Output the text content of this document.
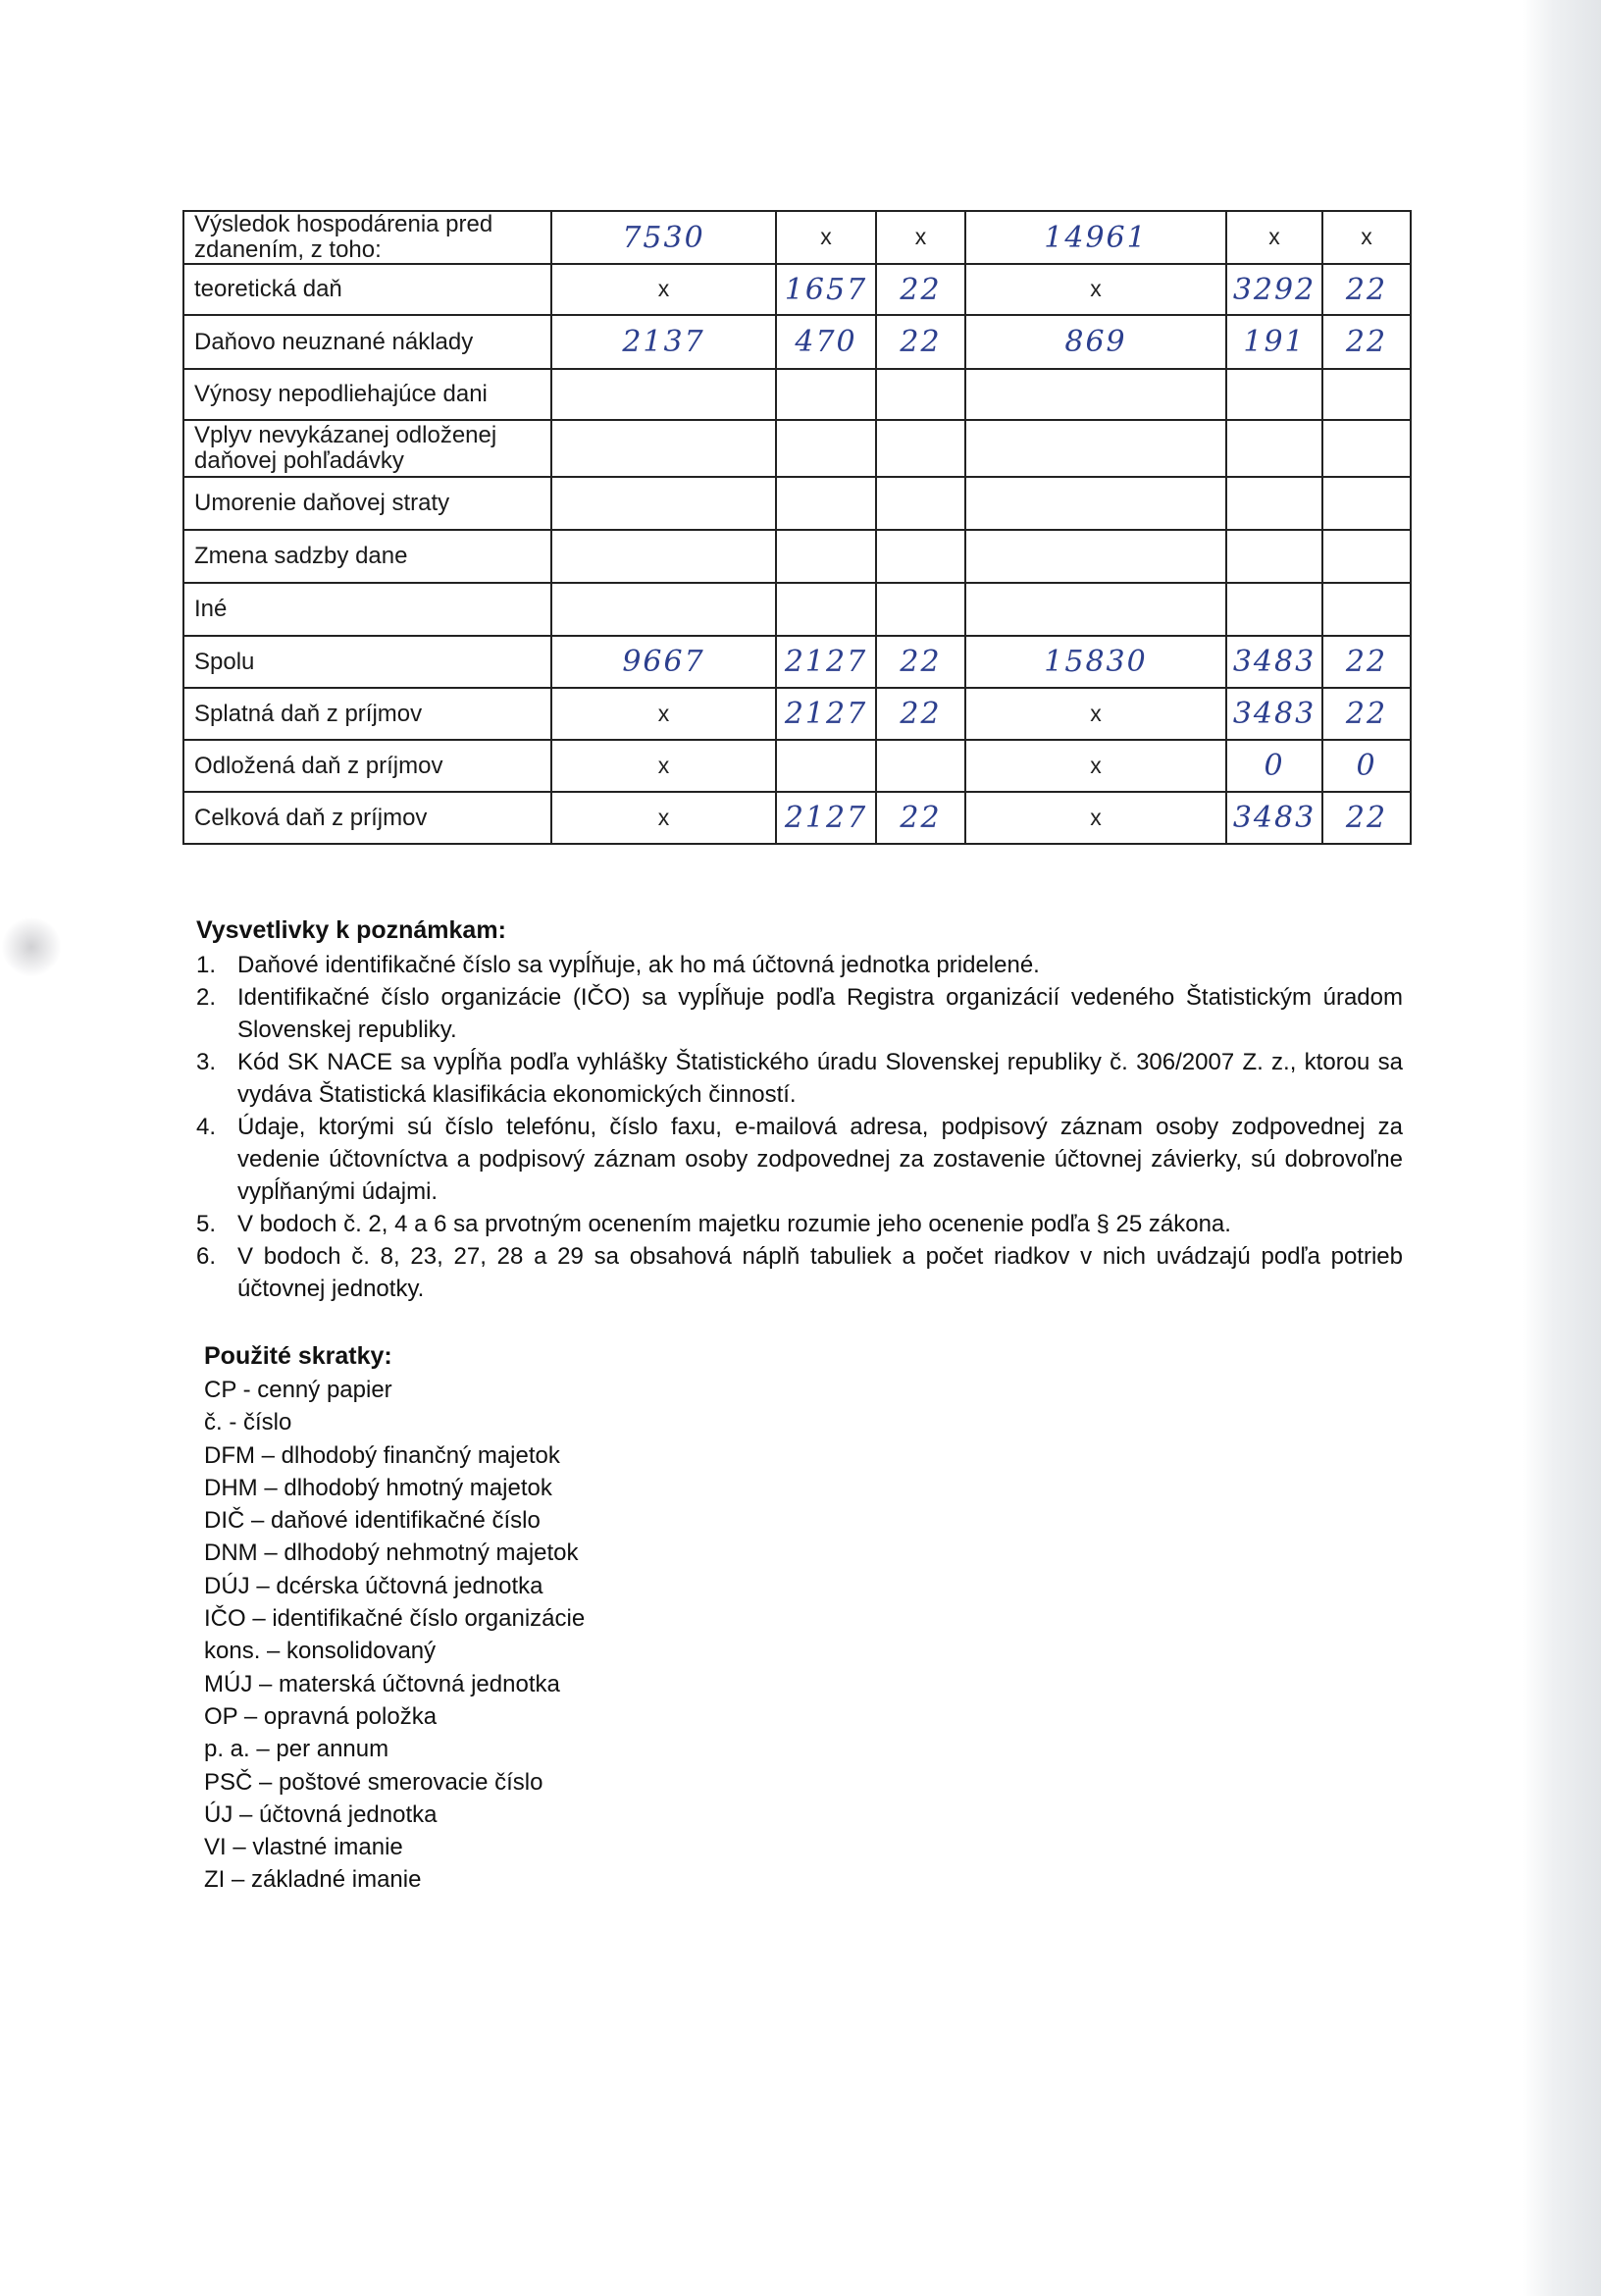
Výsledok hospodárenia pred zdanením, z toho:	7530	x	x	14961	x	x
teoretická daň	x	1657	22	x	3292	22
Daňovo neuznané náklady	2137	470	22	869	191	22
Výnosy nepodliehajúce dani						
Vplyv nevykázanej odloženej daňovej pohľadávky						
Umorenie daňovej straty						
Zmena sadzby dane						
Iné						
Spolu	9667	2127	22	15830	3483	22
Splatná daň z príjmov	x	2127	22	x	3483	22
Odložená daň z príjmov	x			x	0	0
Celková daň z príjmov	x	2127	22	x	3483	22
Vysvetlivky k poznámkam:
1. Daňové identifikačné číslo sa vypĺňuje, ak ho má účtovná jednotka pridelené.
2. Identifikačné číslo organizácie (IČO) sa vypĺňuje podľa Registra organizácií vedeného Štatistickým úradom Slovenskej republiky.
3. Kód SK NACE sa vypĺňa podľa vyhlášky Štatistického úradu Slovenskej republiky č. 306/2007 Z. z., ktorou sa vydáva Štatistická klasifikácia ekonomických činností.
4. Údaje, ktorými sú číslo telefónu, číslo faxu, e-mailová adresa, podpisový záznam osoby zodpovednej za vedenie účtovníctva a podpisový záznam osoby zodpovednej za zostavenie účtovnej závierky, sú dobrovoľne vypĺňanými údajmi.
5. V bodoch č. 2, 4 a 6 sa prvotným ocenením majetku rozumie jeho ocenenie podľa § 25 zákona.
6. V bodoch č. 8, 23, 27, 28 a 29 sa obsahová náplň tabuliek a počet riadkov v nich uvádzajú podľa potrieb účtovnej jednotky.
Použité skratky:
CP - cenný papier
č. - číslo
DFM – dlhodobý finančný majetok
DHM – dlhodobý hmotný majetok
DIČ – daňové identifikačné číslo
DNM – dlhodobý nehmotný majetok
DÚJ – dcérska účtovná jednotka
IČO – identifikačné číslo organizácie
kons. – konsolidovaný
MÚJ – materská účtovná jednotka
OP – opravná položka
p. a. – per annum
PSČ – poštové smerovacie číslo
ÚJ – účtovná jednotka
VI – vlastné imanie
ZI – základné imanie
